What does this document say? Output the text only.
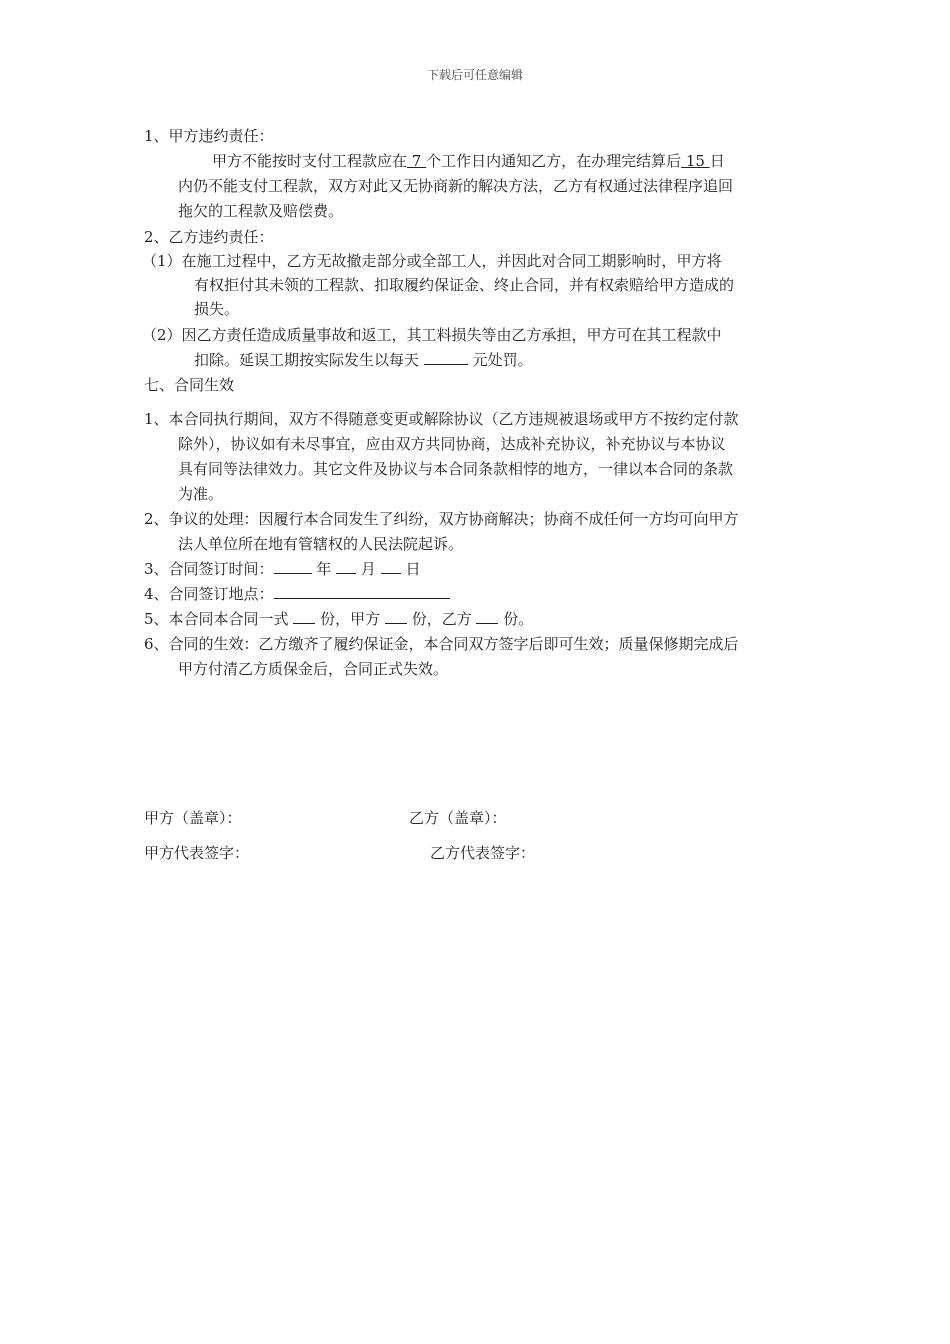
下载后可任意编辑
1、甲方违约责任：
甲方不能按时支付工程款应在 7 个工作日内通知乙方，在办理完结算后 15 日
内仍不能支付工程款，双方对此又无协商新的解决方法，乙方有权通过法律程序追回
拖欠的工程款及赔偿费。
2、乙方违约责任：
（1）在施工过程中，乙方无故撤走部分或全部工人，并因此对合同工期影响时，甲方将
有权拒付其未领的工程款、扣取履约保证金、终止合同，并有权索赔给甲方造成的
损失。
（2）因乙方责任造成质量事故和返工，其工料损失等由乙方承担，甲方可在其工程款中
扣除。延误工期按实际发生以每天	元处罚。
七、合同生效
1、本合同执行期间，双方不得随意变更或解除协议（乙方违规被退场或甲方不按约定付款
除外），协议如有未尽事宜，应由双方共同协商，达成补充协议，补充协议与本协议
具有同等法律效力。其它文件及协议与本合同条款相悖的地方，一律以本合同的条款
为准。
2、争议的处理：因履行本合同发生了纠纷，双方协商解决；协商不成任何一方均可向甲方
法人单位所在地有管辖权的人民法院起诉。
3、合同签订时间：	年 月 日
4、合同签订地点：
5、本合同本合同一式 份，甲方 份，乙方 份。
6、合同的生效：乙方缴齐了履约保证金，本合同双方签字后即可生效；质量保修期完成后
甲方付清乙方质保金后，合同正式失效。
甲方（盖章）：	乙方（盖章）：
甲方代表签字：	乙方代表签字：
